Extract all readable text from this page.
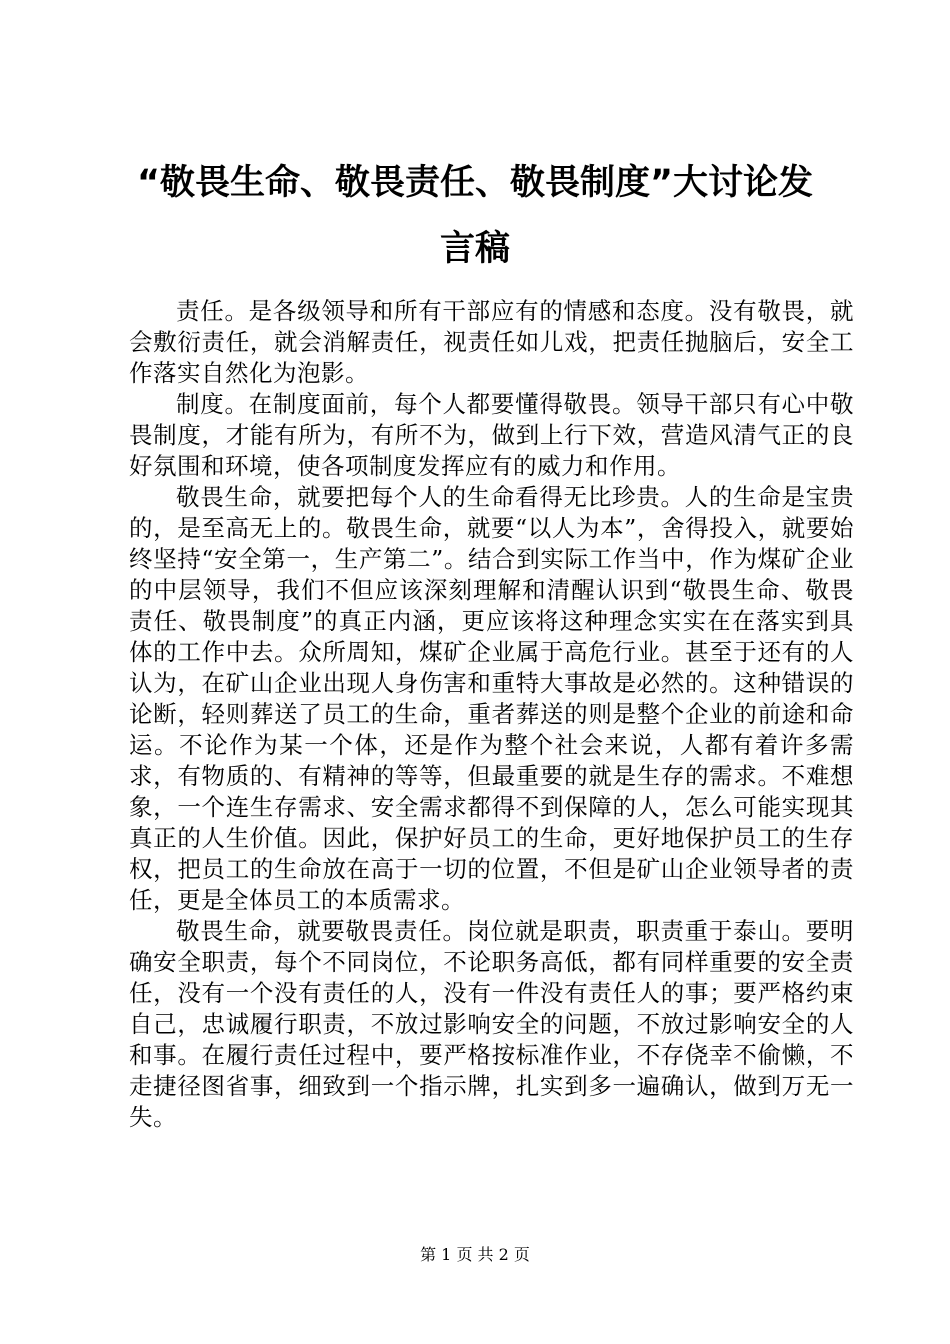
“敬畏生命、敬畏责任、敬畏制度”大讨论发言稿

责任。是各级领导和所有干部应有的情感和态度。没有敬畏，就会敷衍责任，就会消解责任，视责任如儿戏，把责任抛脑后，安全工作落实自然化为泡影。

制度。在制度面前，每个人都要懂得敬畏。领导干部只有心中敬畏制度，才能有所为，有所不为，做到上行下效，营造风清气正的良好氛围和环境，使各项制度发挥应有的威力和作用。

敬畏生命，就要把每个人的生命看得无比珍贵。人的生命是宝贵的，是至高无上的。敬畏生命，就要“以人为本”，舍得投入，就要始终坚持“安全第一，生产第二”。结合到实际工作当中，作为煤矿企业的中层领导，我们不但应该深刻理解和清醒认识到“敬畏生命、敬畏责任、敬畏制度”的真正内涵，更应该将这种理念实实在在落实到具体的工作中去。众所周知，煤矿企业属于高危行业。甚至于还有的人认为，在矿山企业出现人身伤害和重特大事故是必然的。这种错误的论断，轻则葬送了员工的生命，重者葬送的则是整个企业的前途和命运。不论作为某一个体，还是作为整个社会来说，人都有着许多需求，有物质的、有精神的等等，但最重要的就是生存的需求。不难想象，一个连生存需求、安全需求都得不到保障的人，怎么可能实现其真正的人生价值。因此，保护好员工的生命，更好地保护员工的生存权，把员工的生命放在高于一切的位置，不但是矿山企业领导者的责任，更是全体员工的本质需求。

敬畏生命，就要敬畏责任。岗位就是职责，职责重于泰山。要明确安全职责，每个不同岗位，不论职务高低，都有同样重要的安全责任，没有一个没有责任的人，没有一件没有责任人的事；要严格约束自己，忠诚履行职责，不放过影响安全的问题，不放过影响安全的人和事。在履行责任过程中，要严格按标准作业，不存侥幸不偷懒，不走捷径图省事，细致到一个指示牌，扎实到多一遍确认，做到万无一失。

第 1 页 共 2 页
